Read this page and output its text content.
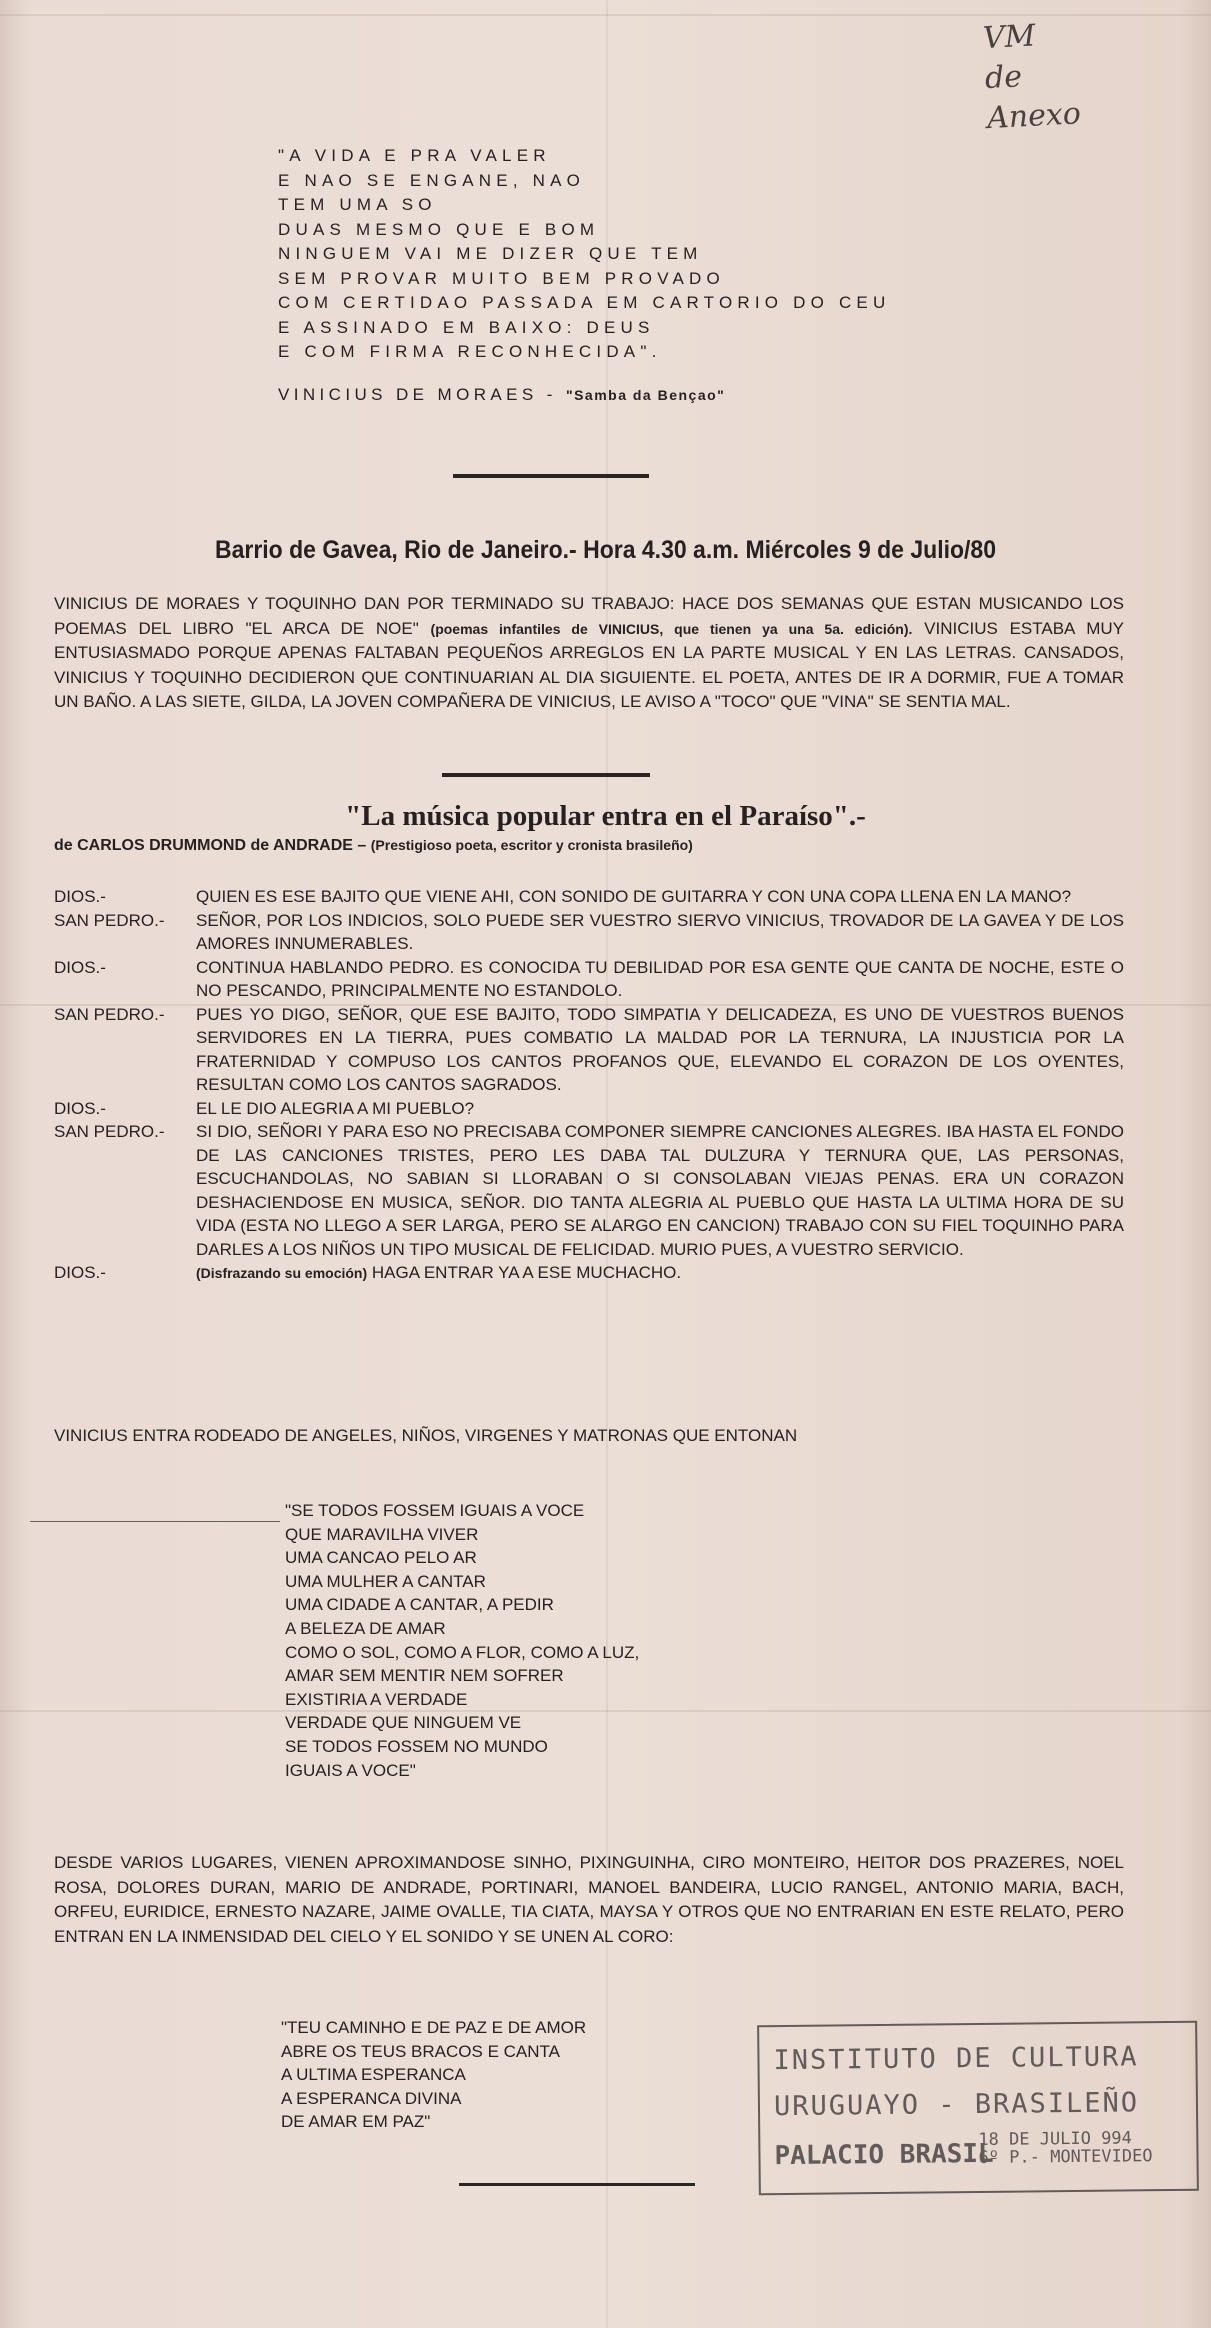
VM
de
Anexo
"A VIDA E PRA VALER
E NAO SE ENGANE, NAO
TEM UMA SO
DUAS MESMO QUE E BOM
NINGUEM VAI ME DIZER QUE TEM
SEM PROVAR MUITO BEM PROVADO
COM CERTIDAO PASSADA EM CARTORIO DO CEU
E ASSINADO EM BAIXO: DEUS
E COM FIRMA RECONHECIDA".
VINICIUS DE MORAES - "Samba da Bençao"
Barrio de Gavea, Rio de Janeiro.- Hora 4.30 a.m. Miércoles 9 de Julio/80
VINICIUS DE MORAES Y TOQUINHO DAN POR TERMINADO SU TRABAJO: HACE DOS SEMANAS QUE ESTAN MUSICANDO LOS POEMAS DEL LIBRO "EL ARCA DE NOE" (poemas infantiles de VINICIUS, que tienen ya una 5a. edición). VINICIUS ESTABA MUY ENTUSIASMADO PORQUE APENAS FALTABAN PEQUEÑOS ARREGLOS EN LA PARTE MUSICAL Y EN LAS LETRAS. CANSADOS, VINICIUS Y TOQUINHO DECIDIERON QUE CONTINUARIAN AL DIA SIGUIENTE. EL POETA, ANTES DE IR A DORMIR, FUE A TOMAR UN BAÑO. A LAS SIETE, GILDA, LA JOVEN COMPAÑERA DE VINICIUS, LE AVISO A "TOCO" QUE "VINA" SE SENTIA MAL.
"La música popular entra en el Paraíso".-
de CARLOS DRUMMOND de ANDRADE – (Prestigioso poeta, escritor y cronista brasileño)
DIOS.-	QUIEN ES ESE BAJITO QUE VIENE AHI, CON SONIDO DE GUITARRA Y CON UNA COPA LLENA EN LA MANO?
SAN PEDRO.-	SEÑOR, POR LOS INDICIOS, SOLO PUEDE SER VUESTRO SIERVO VINICIUS, TROVADOR DE LA GAVEA Y DE LOS AMORES INNUMERABLES.
DIOS.-	CONTINUA HABLANDO PEDRO. ES CONOCIDA TU DEBILIDAD POR ESA GENTE QUE CANTA DE NOCHE, ESTE O NO PESCANDO, PRINCIPALMENTE NO ESTANDOLO.
SAN PEDRO.-	PUES YO DIGO, SEÑOR, QUE ESE BAJITO, TODO SIMPATIA Y DELICADEZA, ES UNO DE VUESTROS BUENOS SERVIDORES EN LA TIERRA, PUES COMBATIO LA MALDAD POR LA TERNURA, LA INJUSTICIA POR LA FRATERNIDAD Y COMPUSO LOS CANTOS PROFANOS QUE, ELEVANDO EL CORAZON DE LOS OYENTES, RESULTAN COMO LOS CANTOS SAGRADOS.
DIOS.-	EL LE DIO ALEGRIA A MI PUEBLO?
SAN PEDRO.-	SI DIO, SEÑORI Y PARA ESO NO PRECISABA COMPONER SIEMPRE CANCIONES ALEGRES. IBA HASTA EL FONDO DE LAS CANCIONES TRISTES, PERO LES DABA TAL DULZURA Y TERNURA QUE, LAS PERSONAS, ESCUCHANDOLAS, NO SABIAN SI LLORABAN O SI CONSOLABAN VIEJAS PENAS. ERA UN CORAZON DESHACIENDOSE EN MUSICA, SEÑOR. DIO TANTA ALEGRIA AL PUEBLO QUE HASTA LA ULTIMA HORA DE SU VIDA (ESTA NO LLEGO A SER LARGA, PERO SE ALARGO EN CANCION) TRABAJO CON SU FIEL TOQUINHO PARA DARLES A LOS NIÑOS UN TIPO MUSICAL DE FELICIDAD. MURIO PUES, A VUESTRO SERVICIO.
DIOS.-	(Disfrazando su emoción) HAGA ENTRAR YA A ESE MUCHACHO.
VINICIUS ENTRA RODEADO DE ANGELES, NIÑOS, VIRGENES Y MATRONAS QUE ENTONAN
"SE TODOS FOSSEM IGUAIS A VOCE
QUE MARAVILHA VIVER
UMA CANCAO PELO AR
UMA MULHER A CANTAR
UMA CIDADE A CANTAR, A PEDIR
A BELEZA DE AMAR
COMO O SOL, COMO A FLOR, COMO A LUZ,
AMAR SEM MENTIR NEM SOFRER
EXISTIRIA A VERDADE
VERDADE QUE NINGUEM VE
SE TODOS FOSSEM NO MUNDO
IGUAIS A VOCE"
DESDE VARIOS LUGARES, VIENEN APROXIMANDOSE SINHO, PIXINGUINHA, CIRO MONTEIRO, HEITOR DOS PRAZERES, NOEL ROSA, DOLORES DURAN, MARIO DE ANDRADE, PORTINARI, MANOEL BANDEIRA, LUCIO RANGEL, ANTONIO MARIA, BACH, ORFEU, EURIDICE, ERNESTO NAZARE, JAIME OVALLE, TIA CIATA, MAYSA Y OTROS QUE NO ENTRARIAN EN ESTE RELATO, PERO ENTRAN EN LA INMENSIDAD DEL CIELO Y EL SONIDO Y SE UNEN AL CORO:
"TEU CAMINHO E DE PAZ E DE AMOR
ABRE OS TEUS BRACOS E CANTA
A ULTIMA ESPERANCA
A ESPERANCA DIVINA
DE AMAR EM PAZ"
INSTITUTO DE CULTURA
URUGUAYO - BRASILEÑO
PALACIO BRASIL
18 DE JULIO 994
6º P.- MONTEVIDEO
